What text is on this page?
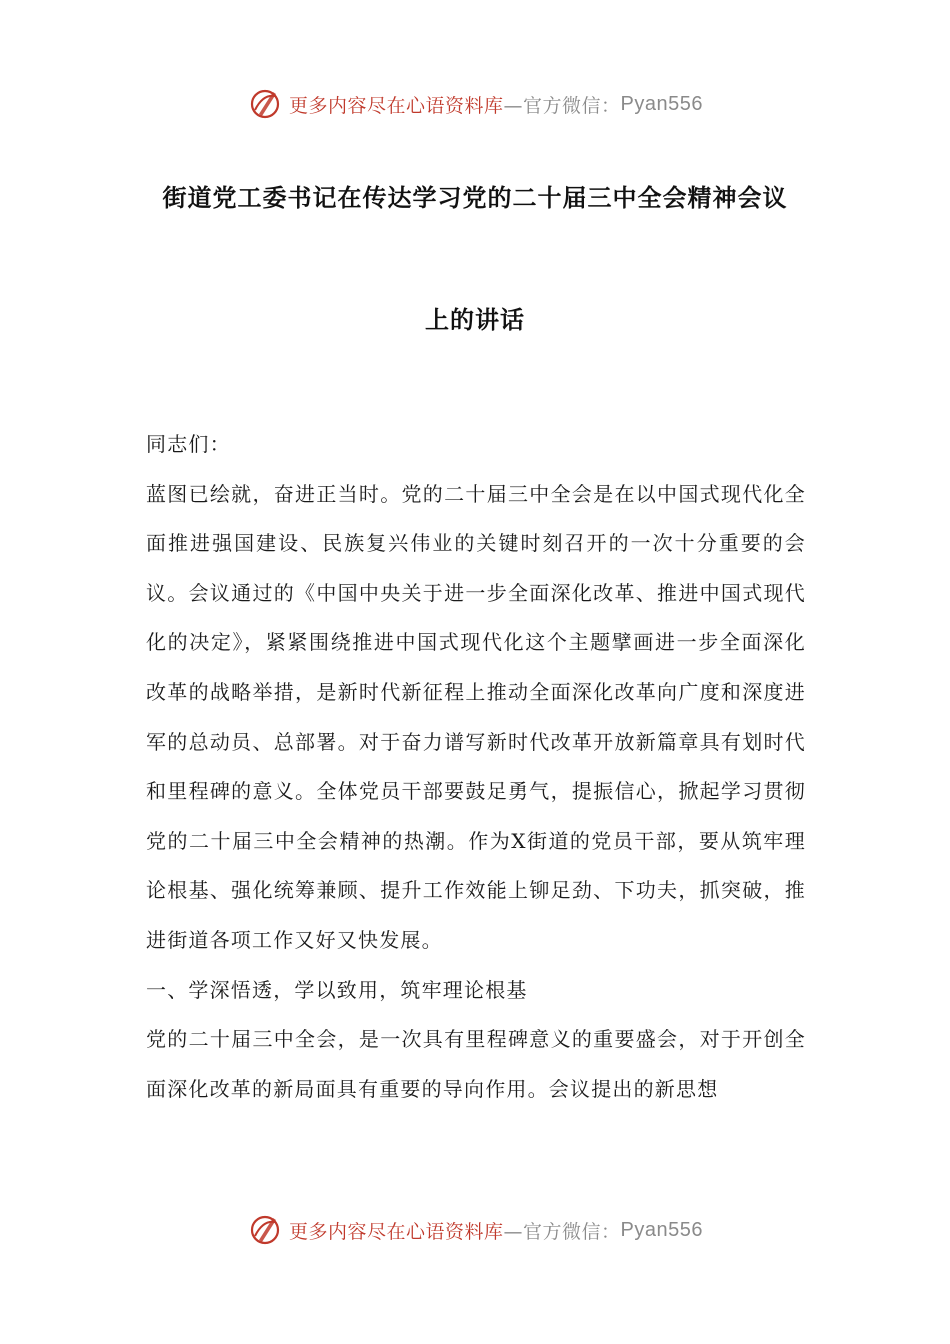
更多内容尽在心语资料库 —官方微信： Pyan556
街道党工委书记在传达学习党的二十届三中全会精神会议
上的讲话

同志们：

蓝图已绘就，奋进正当时。党的二十届三中全会是在以中国式现代化全面推进强国建设、民族复兴伟业的关键时刻召开的一次十分重要的会议。会议通过的《中国中央关于进一步全面深化改革、推进中国式现代化的决定》，紧紧围绕推进中国式现代化这个主题擘画进一步全面深化改革的战略举措，是新时代新征程上推动全面深化改革向广度和深度进军的总动员、总部署。对于奋力谱写新时代改革开放新篇章具有划时代和里程碑的意义。全体党员干部要鼓足勇气，提振信心，掀起学习贯彻党的二十届三中全会精神的热潮。作为X街道的党员干部，要从筑牢理论根基、强化统筹兼顾、提升工作效能上铆足劲、下功夫，抓突破，推进街道各项工作又好又快发展。

一、学深悟透，学以致用，筑牢理论根基

党的二十届三中全会，是一次具有里程碑意义的重要盛会，对于开创全面深化改革的新局面具有重要的导向作用。会议提出的新思想

更多内容尽在心语资料库 —官方微信： Pyan556
